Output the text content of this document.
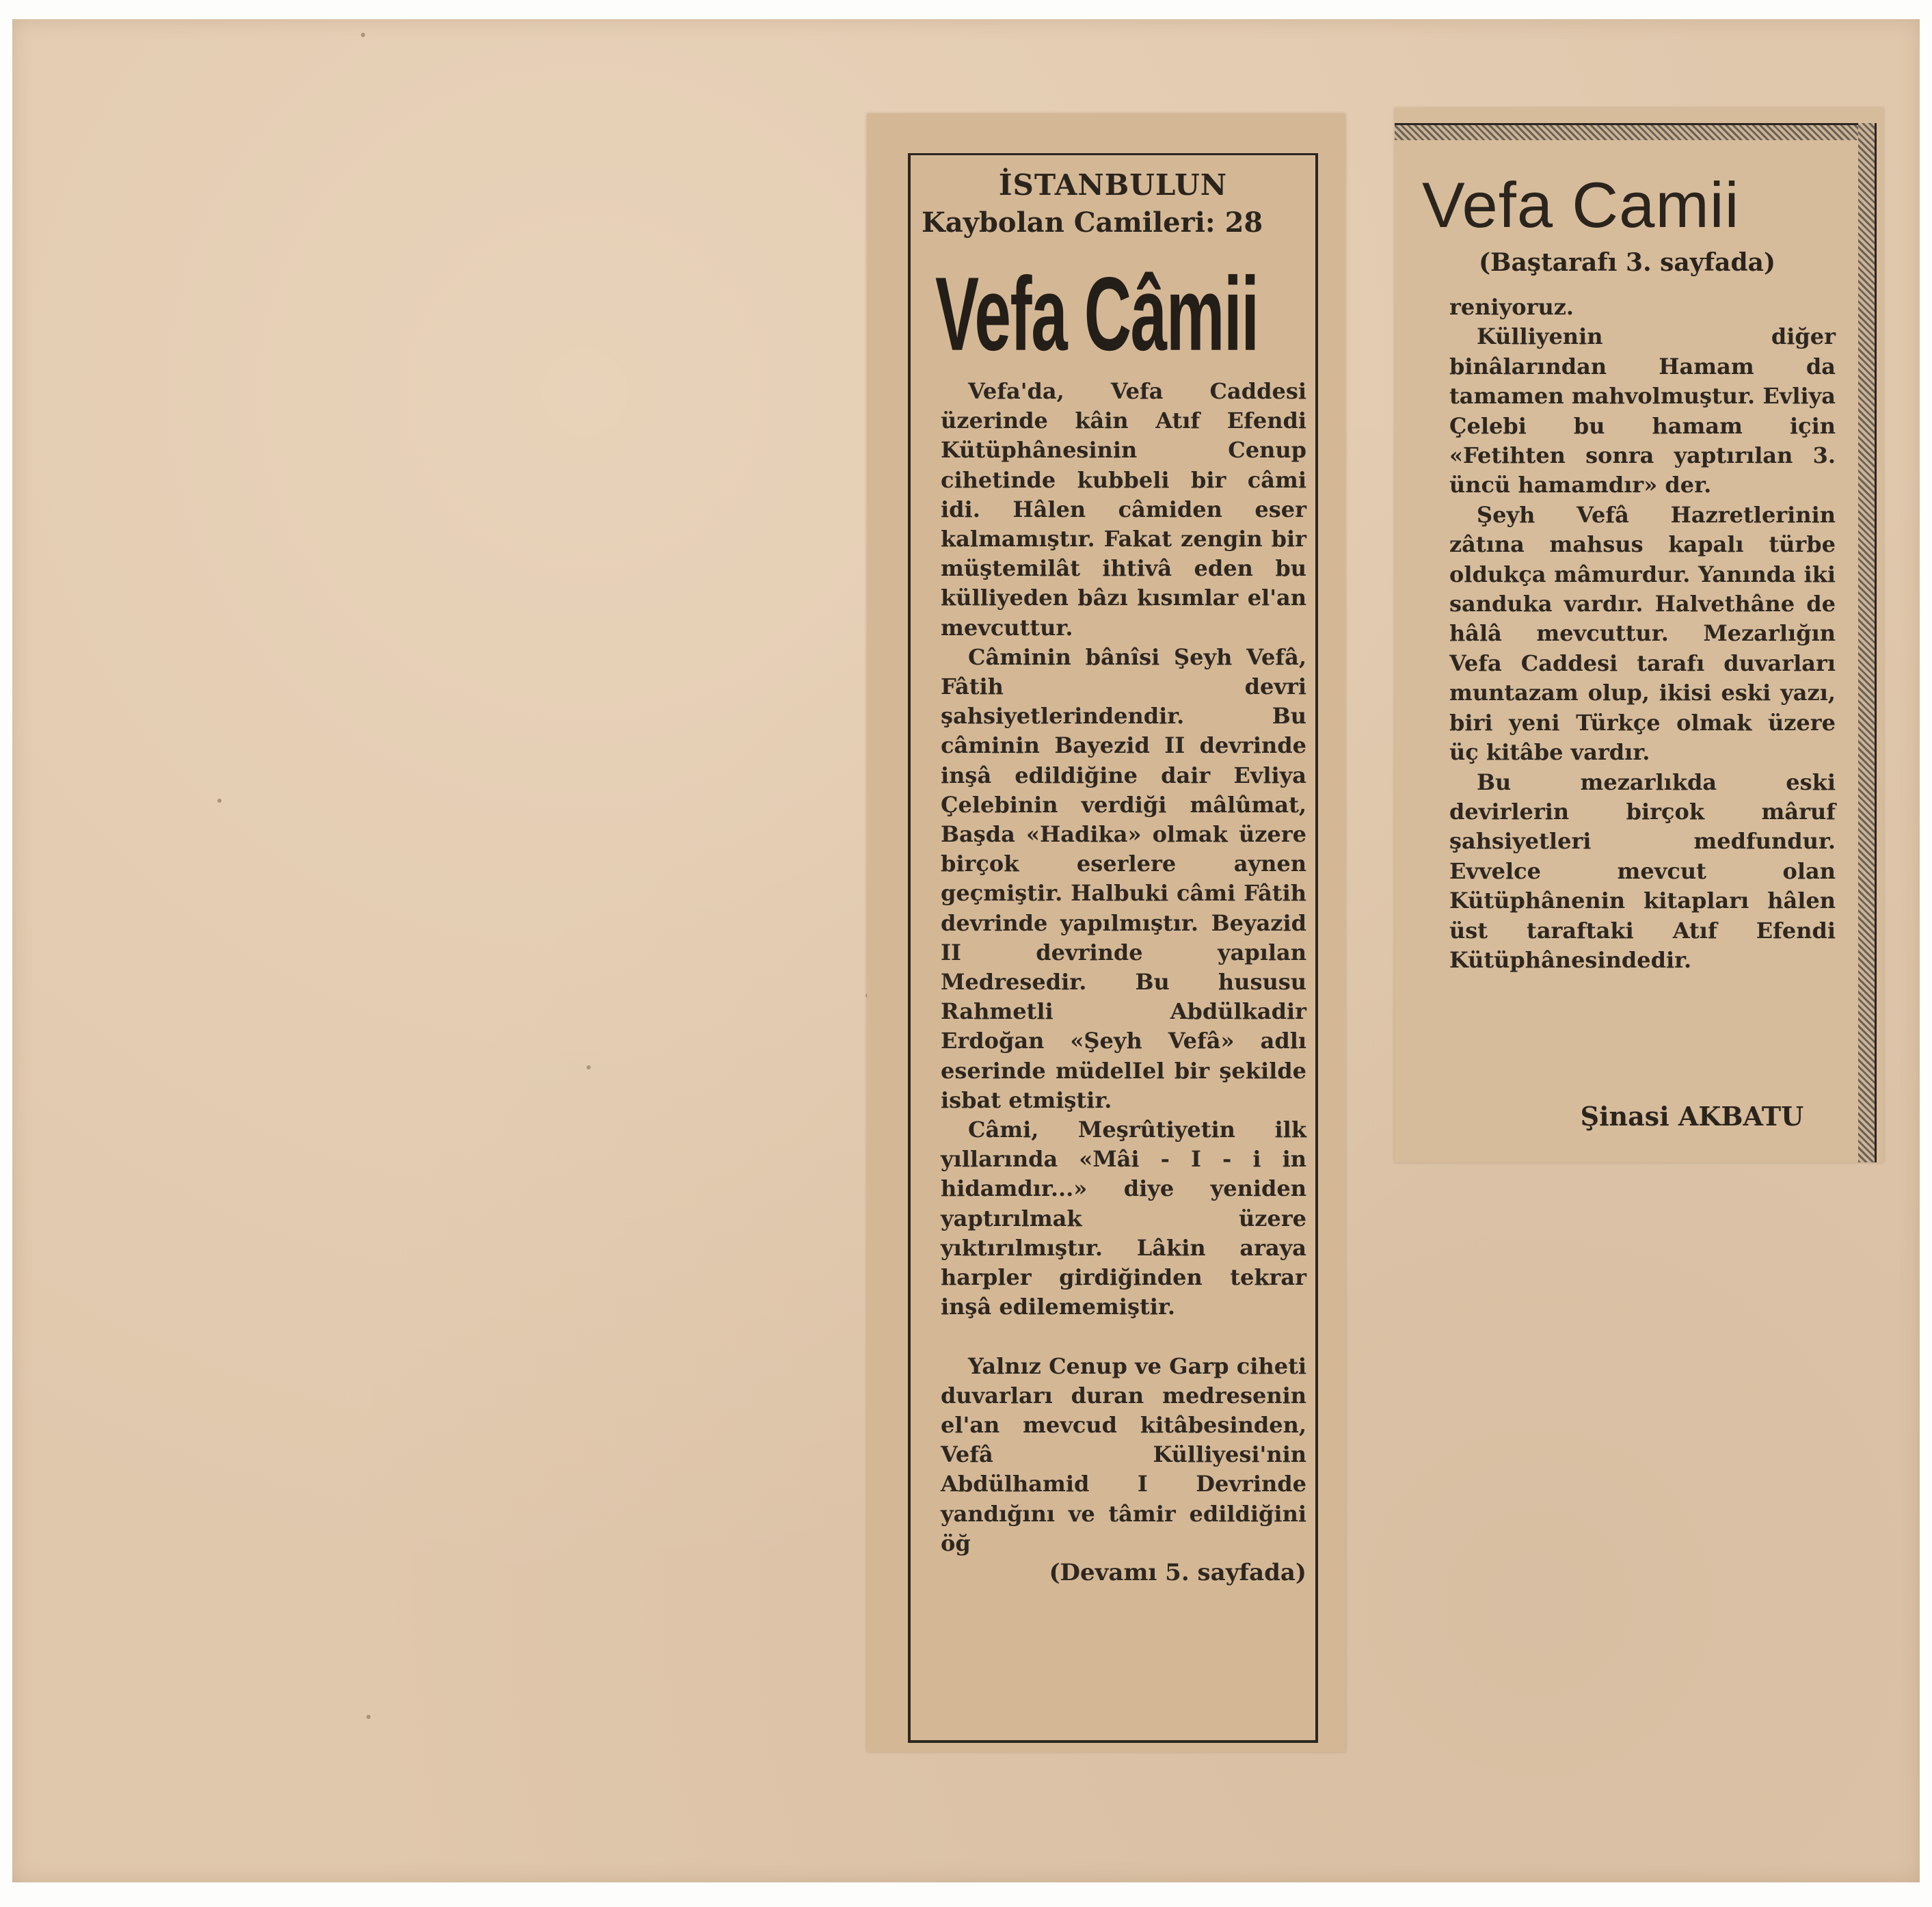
İSTANBULUN
Kaybolan Camileri: 28
Vefa Câmii

Vefa'da, Vefa Caddesi üzerinde kâin Atıf Efendi Kütüphânesinin Cenup cihetinde kubbeli bir câmi idi. Hâlen câmiden eser kalmamıştır. Fakat zengin bir müştemilât ihtivâ eden bu külliyeden bâzı kısımlar el'an mevcuttur.

Câminin bânîsi Şeyh Vefâ, Fâtih devri şahsiyetlerindendir. Bu câminin Bayezid II devrinde inşâ edildiğine dair Evliya Çelebinin verdiği mâlûmat, Başda «Hadika» olmak üzere birçok eserlere aynen geçmiştir. Halbuki câmi Fâtih devrinde yapılmıştır. Beyazid II devrinde yapılan Medresedir. Bu hususu Rahmetli Abdülkadir Erdoğan «Şeyh Vefâ» adlı eserinde müdelIel bir şekilde isbat etmiştir.

Câmi, Meşrûtiyetin ilk yıllarında «Mâi - I - i in hidamdır...» diye yeniden yaptırılmak üzere yıktırılmıştır. Lâkin araya harpler girdiğinden tekrar inşâ edilememiştir.

Yalnız Cenup ve Garp ciheti duvarları duran medresenin el'an mevcud kitâbesinden, Vefâ Külliyesi'nin Abdülhamid I Devrinde yandığını ve tâmir edildiğini öğ

(Devamı 5. sayfada)

Vefa Camii

(Baştarafı 3. sayfada)

reniyoruz.

Külliyenin diğer binâlarından Hamam da tamamen mahvolmuştur. Evliya Çelebi bu hamam için «Fetihten sonra yaptırılan 3. üncü hamamdır» der.

Şeyh Vefâ Hazretlerinin zâtına mahsus kapalı türbe oldukça mâmurdur. Yanında iki sanduka vardır. Halvethâne de hâlâ mevcuttur. Mezarlığın Vefa Caddesi tarafı duvarları muntazam olup, ikisi eski yazı, biri yeni Türkçe olmak üzere üç kitâbe vardır.

Bu mezarlıkda eski devirlerin birçok mâruf şahsiyetleri medfundur. Evvelce mevcut olan Kütüphânenin kitapları hâlen üst taraftaki Atıf Efendi Kütüphânesindedir.

Şinasi AKBATU
